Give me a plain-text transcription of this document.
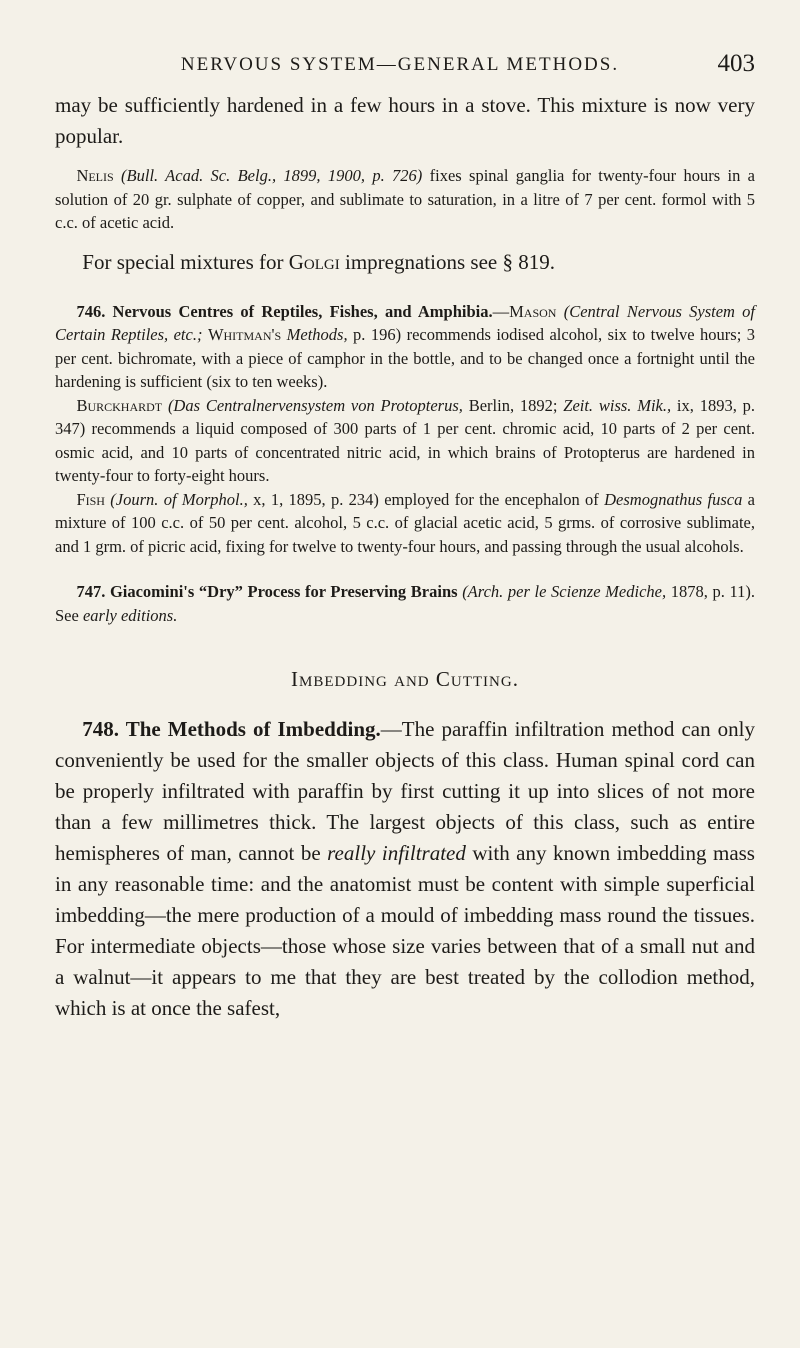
NERVOUS SYSTEM—GENERAL METHODS.	403

may be sufficiently hardened in a few hours in a stove. This mixture is now very popular.

Nelis (Bull. Acad. Sc. Belg., 1899, 1900, p. 726) fixes spinal ganglia for twenty-four hours in a solution of 20 gr. sulphate of copper, and sublimate to saturation, in a litre of 7 per cent. formol with 5 c.c. of acetic acid.

For special mixtures for Golgi impregnations see § 819.

746. Nervous Centres of Reptiles, Fishes, and Amphibia.—Mason (Central Nervous System of Certain Reptiles, etc.; Whitman's Methods, p. 196) recommends iodised alcohol, six to twelve hours; 3 per cent. bichromate, with a piece of camphor in the bottle, and to be changed once a fortnight until the hardening is sufficient (six to ten weeks).

Burckhardt (Das Centralnervensystem von Protopterus, Berlin, 1892; Zeit. wiss. Mik., ix, 1893, p. 347) recommends a liquid composed of 300 parts of 1 per cent. chromic acid, 10 parts of 2 per cent. osmic acid, and 10 parts of concentrated nitric acid, in which brains of Protopterus are hardened in twenty-four to forty-eight hours.

Fish (Journ. of Morphol., x, 1, 1895, p. 234) employed for the encephalon of Desmognathus fusca a mixture of 100 c.c. of 50 per cent. alcohol, 5 c.c. of glacial acetic acid, 5 grms. of corrosive sublimate, and 1 grm. of picric acid, fixing for twelve to twenty-four hours, and passing through the usual alcohols.

747. Giacomini's “Dry” Process for Preserving Brains (Arch. per le Scienze Mediche, 1878, p. 11). See early editions.

Imbedding and Cutting.

748. The Methods of Imbedding.—The paraffin infiltration method can only conveniently be used for the smaller objects of this class. Human spinal cord can be properly infiltrated with paraffin by first cutting it up into slices of not more than a few millimetres thick. The largest objects of this class, such as entire hemispheres of man, cannot be really infiltrated with any known imbedding mass in any reasonable time: and the anatomist must be content with simple superficial imbedding—the mere production of a mould of imbedding mass round the tissues. For intermediate objects—those whose size varies between that of a small nut and a walnut—it appears to me that they are best treated by the collodion method, which is at once the safest,
